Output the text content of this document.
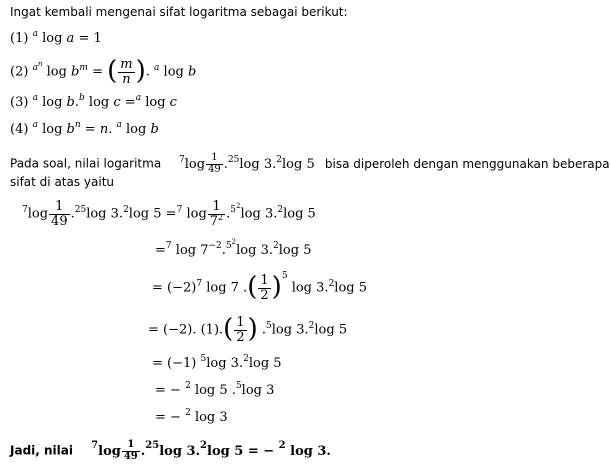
Ingat kembali mengenai sifat logaritma sebagai berikut:
(1) $^a$ log a = 1
(2) $^{an}$ $\log b^m$ = ( $\frac{m}{n}$ ). $^a$ log b
(3) $^a$ log b.$^b$ log c =$^a$ log c
(4) $^a$ $\log b^n = n$. $^a$ log b
Pada soal, nilai logaritma $^7\log \frac{1}{49} .^{25}\log$ 3.$^2$log 5 bisa diperoleh dengan menggunakan beberapa
sifat di atas yaitu
$^7\log \frac{1}{49} .^{25}\log$ 3.$^2$log 5 =$^7$ $\log \frac{1}{7^2} .^{52}\log$ 3.$^2$log 5
=$^7$ $\log 7^{-2}.^{52}\log$ 3.$^2$log 5
= $(-2)^7$ log 7 .( $\frac{1}{2} )^5$ log 3.$^2$log 5
= (−2). $(1).( \frac{1}{2}$ ) .$^5$log 3.$^2$log 5
= (−1) $^5$log 3.$^2$log 5
= − $^2$ log 5 .$^5$log 3
= − $^2$ log 3
Jadi, nilai $^7\log \frac{1}{49} .^{25}\log$ 3.$^2$log 5 = − $^2$ log 3.
